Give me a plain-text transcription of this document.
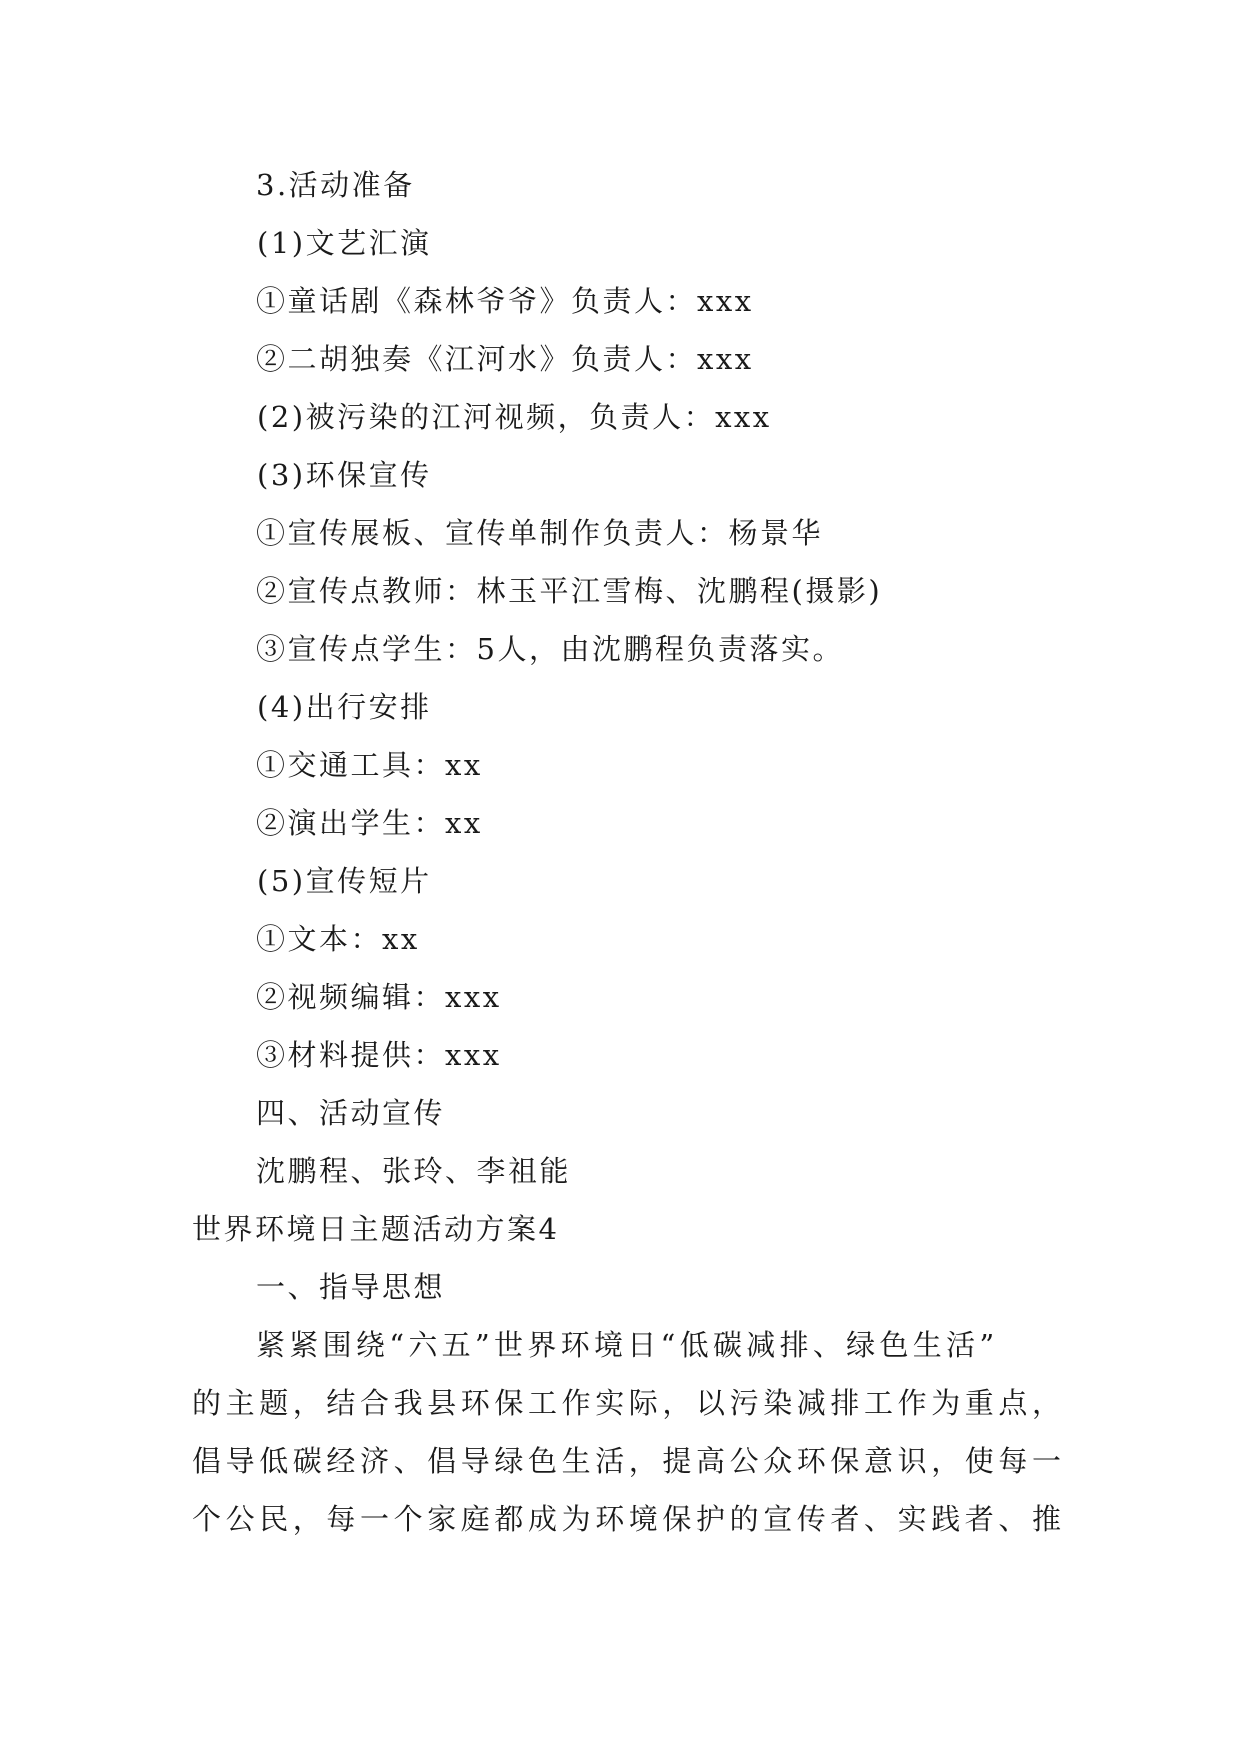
3.活动准备
(1)文艺汇演
①童话剧《森林爷爷》负责人：xxx
②二胡独奏《江河水》负责人：xxx
(2)被污染的江河视频，负责人：xxx
(3)环保宣传
①宣传展板、宣传单制作负责人：杨景华
②宣传点教师：林玉平江雪梅、沈鹏程(摄影)
③宣传点学生：5人，由沈鹏程负责落实。
(4)出行安排
①交通工具：xx
②演出学生：xx
(5)宣传短片
①文本：xx
②视频编辑：xxx
③材料提供：xxx
四、活动宣传
沈鹏程、张玲、李祖能
世界环境日主题活动方案4
一、指导思想
紧紧围绕“六五”世界环境日“低碳减排、绿色生活”
的主题，结合我县环保工作实际，以污染减排工作为重点，
倡导低碳经济、倡导绿色生活，提高公众环保意识，使每一
个公民，每一个家庭都成为环境保护的宣传者、实践者、推
